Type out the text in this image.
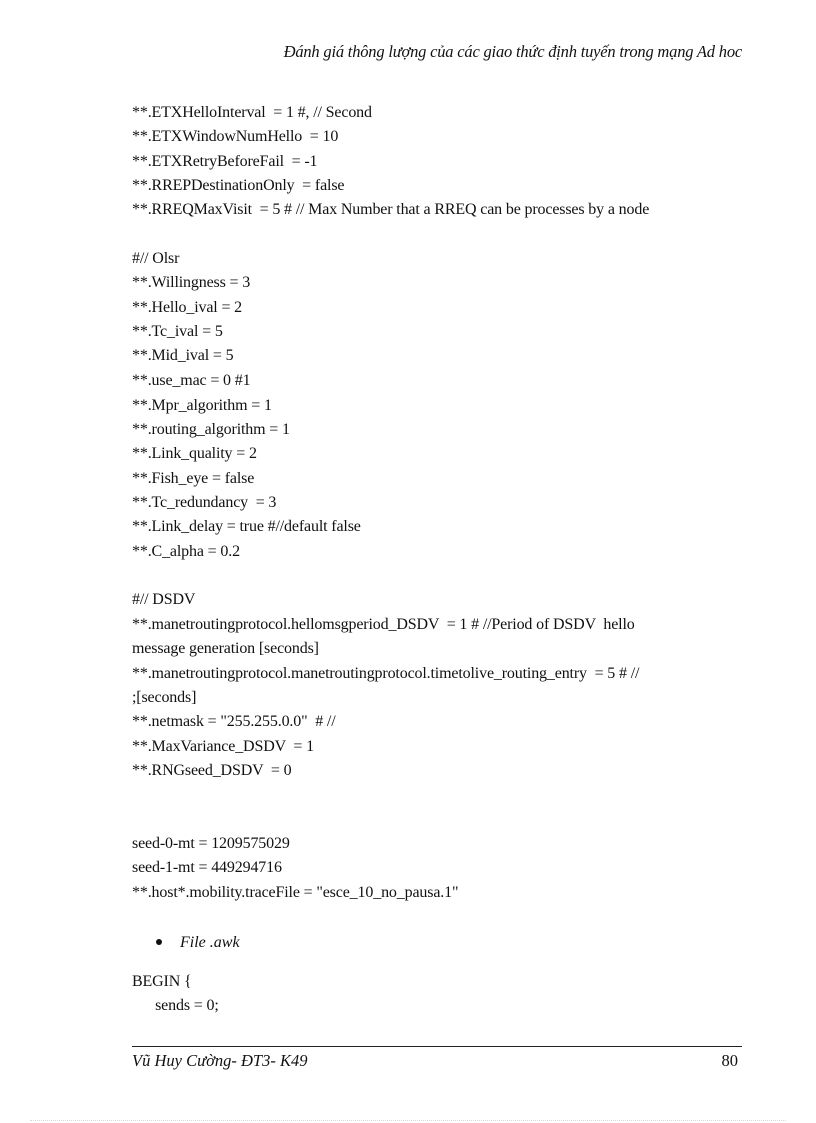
Đánh giá thông lượng của các giao thức định tuyến trong mạng Ad hoc
**.ETXHelloInterval  = 1 #, // Second
**.ETXWindowNumHello  = 10
**.ETXRetryBeforeFail  = -1
**.RREPDestinationOnly  = false
**.RREQMaxVisit  = 5 # // Max Number that a RREQ can be processes by a node
#// Olsr
**.Willingness = 3
**.Hello_ival = 2
**.Tc_ival = 5
**.Mid_ival = 5
**.use_mac = 0 #1
**.Mpr_algorithm = 1
**.routing_algorithm = 1
**.Link_quality = 2
**.Fish_eye = false
**.Tc_redundancy  = 3
**.Link_delay = true #//default false
**.C_alpha = 0.2
#// DSDV
**.manetroutingprotocol.hellomsgperiod_DSDV  = 1 # //Period of DSDV  hello
message generation [seconds]
**.manetroutingprotocol.manetroutingprotocol.timetolive_routing_entry  = 5 # //
;[seconds]
**.netmask = "255.255.0.0"  # //
**.MaxVariance_DSDV  = 1
**.RNGseed_DSDV  = 0
seed-0-mt = 1209575029
seed-1-mt = 449294716
**.host*.mobility.traceFile = "esce_10_no_pausa.1"
File .awk
BEGIN {
sends = 0;
Vũ Huy Cường- ĐT3- K49	80
